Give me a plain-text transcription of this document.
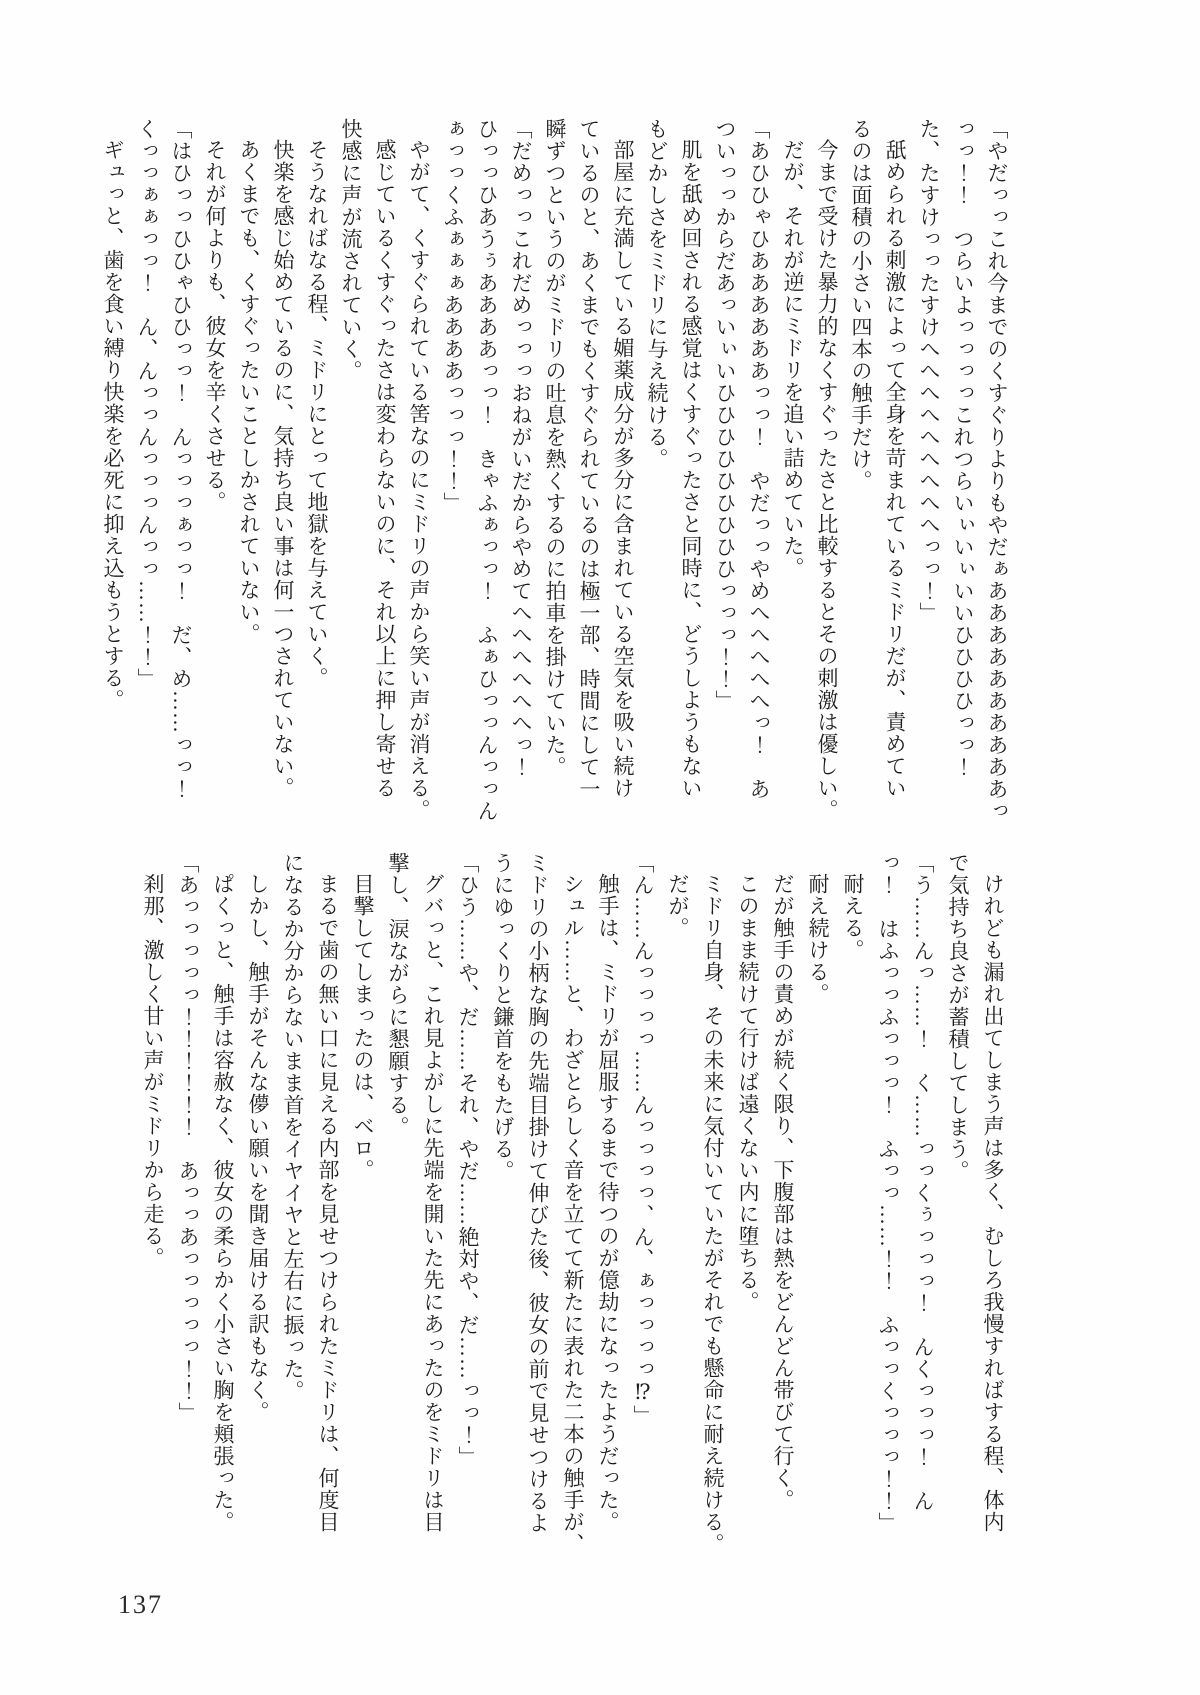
「やだっっこれ今までのくすぐりよりもやだぁああああああああああっ
っっ！！　つらいよっっっっこれつらいぃいぃいいひひひひっっ！
た、たすけっったすけへへへへへへへへへっっ！」
舐められる刺激によって全身を苛まれているミドリだが、責めてい
るのは面積の小さい四本の触手だけ。
今まで受けた暴力的なくすぐったさと比較するとその刺激は優しい。
だが、それが逆にミドリを追い詰めていた。
「あひひゃひああああああっっ！　やだっっやめへへへへへっ！　あ
ついっっからだあっいぃいひひひひひひひひひっっっ！！」
肌を舐め回される感覚はくすぐったさと同時に、どうしようもない
もどかしさをミドリに与え続ける。
部屋に充満している媚薬成分が多分に含まれている空気を吸い続け
ているのと、あくまでもくすぐられているのは極一部、時間にして一
瞬ずつというのがミドリの吐息を熱くするのに拍車を掛けていた。
「だめっっこれだめっっっおねがいだからやめてへへへへへへっ！
ひっっひあうぅああああっっ！　きゃふぁっっ！　ふぁひっっんっっん
ぁっっくふぁぁぁああああっっっ！！」
やがて、くすぐられている筈なのにミドリの声から笑い声が消える。
感じているくすぐったさは変わらないのに、それ以上に押し寄せる
快感に声が流されていく。
そうなればなる程、ミドリにとって地獄を与えていく。
快楽を感じ始めているのに、気持ち良い事は何一つされていない。
あくまでも、くすぐったいことしかされていない。
それが何よりも、彼女を辛くさせる。
「はひっっひひゃひひっっ！　んっっっぁっっ！　だ、め……っっ！
くっっぁぁっっ！　ん、んっっんっっっんっっ……！！」
ギュっと、歯を食い縛り快楽を必死に抑え込もうとする。
けれども漏れ出てしまう声は多く、むしろ我慢すればする程、体内
で気持ち良さが蓄積してしまう。
「う……んっ……！　く……っっくぅっっっ！　んくっっっ！　ん
っ！　はふっっふっっっ！　ふっっ……！！　ふっっくっっっ！！」
耐える。
耐え続ける。
だが触手の責めが続く限り、下腹部は熱をどんどん帯びて行く。
このまま続けて行けば遠くない内に堕ちる。
ミドリ自身、その未来に気付いていたがそれでも懸命に耐え続ける。
だが。
「ん……んっっっっ……んっっっっ、ん、ぁっっっっ⁉」
触手は、ミドリが屈服するまで待つのが億劫になったようだった。
シュル……と、わざとらしく音を立てて新たに表れた二本の触手が、
ミドリの小柄な胸の先端目掛けて伸びた後、彼女の前で見せつけるよ
うにゆっくりと鎌首をもたげる。
「ひう……や、だ……それ、やだ……絶対や、だ……っっ！」
グバっと、これ見よがしに先端を開いた先にあったのをミドリは目
撃し、涙ながらに懇願する。
目撃してしまったのは、ベロ。
まるで歯の無い口に見える内部を見せつけられたミドリは、何度目
になるか分からないまま首をイヤイヤと左右に振った。
しかし、触手がそんな儚い願いを聞き届ける訳もなく。
ぱくっと、触手は容赦なく、彼女の柔らかく小さい胸を頬張った。
「あっっっっっ！！！！！！　あっっあっっっっっ！！」
刹那、激しく甘い声がミドリから走る。
137
